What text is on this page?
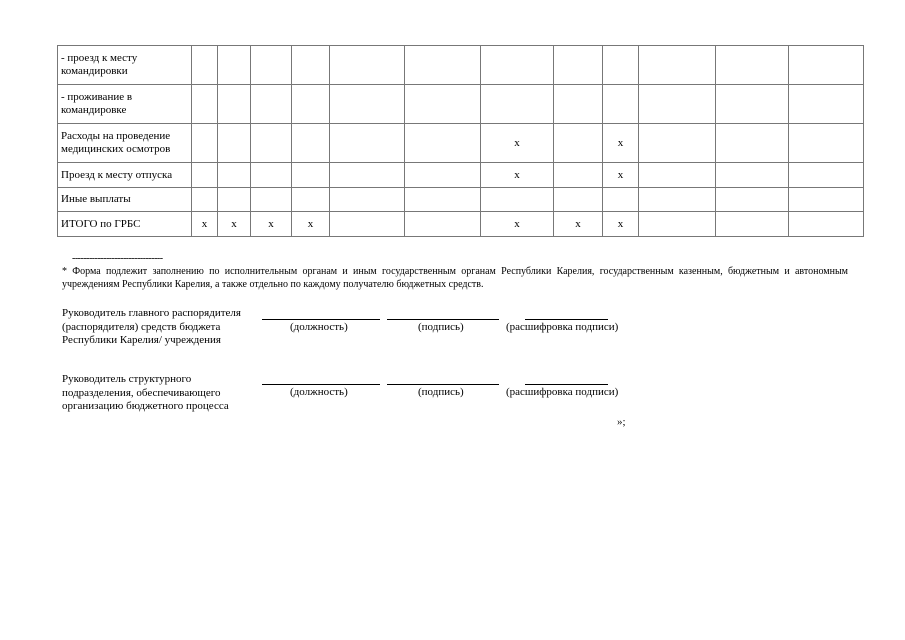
- проезд к месту командировки												
- проживание в командировке												
Расходы на проведение медицинских осмотров							x		x			
Проезд к месту отпуска							x		x			
Иные выплаты												
ИТОГО по ГРБС	x	x	x	x			x	x	x			
--------------------------------
* Форма подлежит заполнению по исполнительным органам и иным государственным органам Республики Карелия, государственным казенным, бюджетным и автономным учреждениям Республики Карелия, а также отдельно по каждому получателю бюджетных средств.
Руководитель главного распорядителя (распорядителя) средств бюджета Республики Карелия/ учреждения
(должность)	(подпись)	(расшифровка подписи)
Руководитель структурного подразделения, обеспечивающего организацию бюджетного процесса
(должность)	(подпись)	(расшифровка подписи)
»;
